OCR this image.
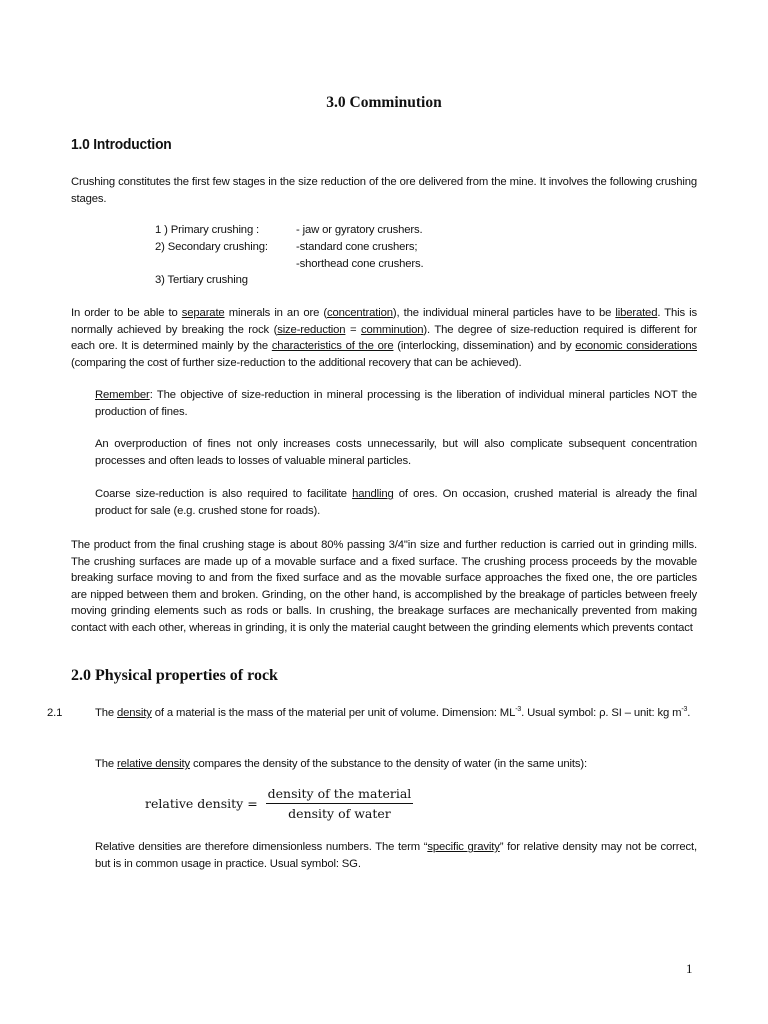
3.0 Comminution
1.0 Introduction
Crushing constitutes the first few stages in the size reduction of the ore delivered from the mine. It involves the following crushing stages.
1 ) Primary crushing :	- jaw or gyratory crushers.
2) Secondary crushing: -standard cone crushers;
-shorthead cone crushers.
3) Tertiary crushing
In order to be able to separate minerals in an ore (concentration), the individual mineral particles have to be liberated. This is normally achieved by breaking the rock (size-reduction = comminution). The degree of size-reduction required is different for each ore. It is determined mainly by the characteristics of the ore (interlocking, dissemination) and by economic considerations (comparing the cost of further size-reduction to the additional recovery that can be achieved).
Remember: The objective of size-reduction in mineral processing is the liberation of individual mineral particles NOT the production of fines.
An overproduction of fines not only increases costs unnecessarily, but will also complicate subsequent concentration processes and often leads to losses of valuable mineral particles.
Coarse size-reduction is also required to facilitate handling of ores. On occasion, crushed material is already the final product for sale (e.g. crushed stone for roads).
The product from the final crushing stage is about 80% passing 3/4"in size and further reduction is carried out in grinding mills. The crushing surfaces are made up of a movable surface and a fixed surface. The crushing process proceeds by the movable breaking surface moving to and from the fixed surface and as the movable surface approaches the fixed one, the ore particles are nipped between them and broken. Grinding, on the other hand, is accomplished by the breakage of particles between freely moving grinding elements such as rods or balls. In crushing, the breakage surfaces are mechanically prevented from making contact with each other, whereas in grinding, it is only the material caught between the grinding elements which prevents contact
2.0 Physical properties of rock
2.1	The density of a material is the mass of the material per unit of volume. Dimension: $ML^{-3}$. Usual symbol: ρ. SI – unit: kg $m^{-3}$.
The relative density compares the density of the substance to the density of water (in the same units):
relative density = $\frac{\text{density of the material}}{\text{density of water}}$
Relative densities are therefore dimensionless numbers. The term “specific gravity” for relative density may not be correct, but is in common usage in practice. Usual symbol: SG.
1
